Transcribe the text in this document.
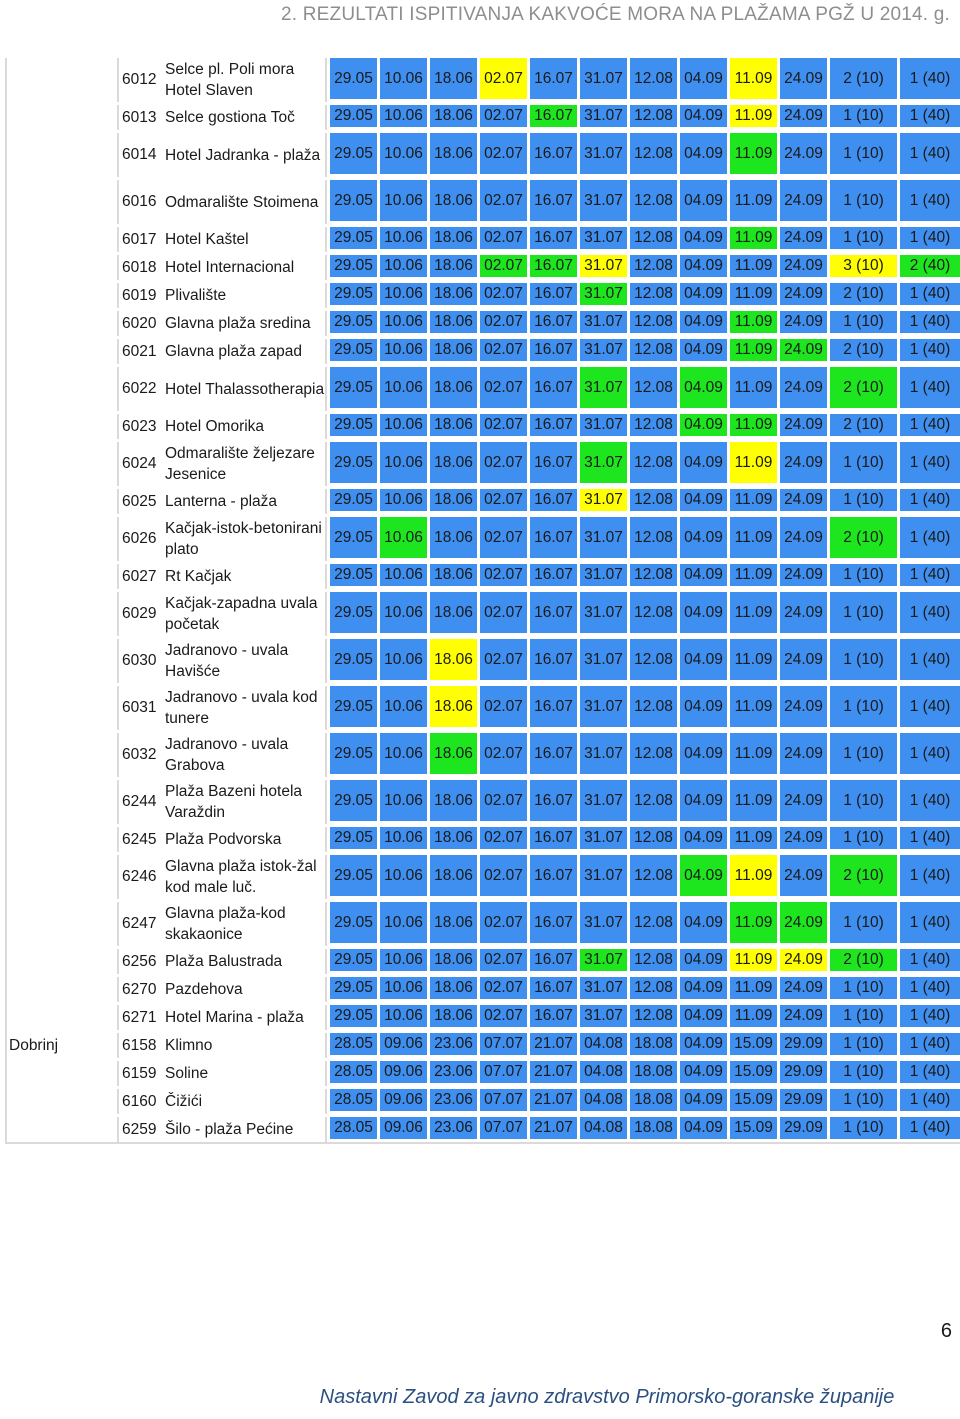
2. REZULTATI ISPITIVANJA KAKVOĆE MORA NA PLAŽAMA PGŽ U 2014. g.
	6012	Selce pl. Poli mora Hotel Slaven	29.05	10.06	18.06	02.07	16.07	31.07	12.08	04.09	11.09	24.09	2 (10)	1 (40)

	6013	Selce gostiona Toč	29.05	10.06	18.06	02.07	16.07	31.07	12.08	04.09	11.09	24.09	1 (10)	1 (40)

	6014	Hotel Jadranka - plaža	29.05	10.06	18.06	02.07	16.07	31.07	12.08	04.09	11.09	24.09	1 (10)	1 (40)

	6016	Odmaralište Stoimena	29.05	10.06	18.06	02.07	16.07	31.07	12.08	04.09	11.09	24.09	1 (10)	1 (40)

	6017	Hotel Kaštel	29.05	10.06	18.06	02.07	16.07	31.07	12.08	04.09	11.09	24.09	1 (10)	1 (40)

	6018	Hotel Internacional	29.05	10.06	18.06	02.07	16.07	31.07	12.08	04.09	11.09	24.09	3 (10)	2 (40)

	6019	Plivalište	29.05	10.06	18.06	02.07	16.07	31.07	12.08	04.09	11.09	24.09	2 (10)	1 (40)

	6020	Glavna plaža sredina	29.05	10.06	18.06	02.07	16.07	31.07	12.08	04.09	11.09	24.09	1 (10)	1 (40)

	6021	Glavna plaža zapad	29.05	10.06	18.06	02.07	16.07	31.07	12.08	04.09	11.09	24.09	2 (10)	1 (40)

	6022	Hotel Thalassotherapia	29.05	10.06	18.06	02.07	16.07	31.07	12.08	04.09	11.09	24.09	2 (10)	1 (40)

	6023	Hotel Omorika	29.05	10.06	18.06	02.07	16.07	31.07	12.08	04.09	11.09	24.09	2 (10)	1 (40)

	6024	Odmaralište željezare Jesenice	29.05	10.06	18.06	02.07	16.07	31.07	12.08	04.09	11.09	24.09	1 (10)	1 (40)

	6025	Lanterna - plaža	29.05	10.06	18.06	02.07	16.07	31.07	12.08	04.09	11.09	24.09	1 (10)	1 (40)

	6026	Kačjak-istok-betonirani plato	29.05	10.06	18.06	02.07	16.07	31.07	12.08	04.09	11.09	24.09	2 (10)	1 (40)

	6027	Rt Kačjak	29.05	10.06	18.06	02.07	16.07	31.07	12.08	04.09	11.09	24.09	1 (10)	1 (40)

	6029	Kačjak-zapadna uvala početak	29.05	10.06	18.06	02.07	16.07	31.07	12.08	04.09	11.09	24.09	1 (10)	1 (40)

	6030	Jadranovo - uvala Havišće	29.05	10.06	18.06	02.07	16.07	31.07	12.08	04.09	11.09	24.09	1 (10)	1 (40)

	6031	Jadranovo - uvala kod tunere	29.05	10.06	18.06	02.07	16.07	31.07	12.08	04.09	11.09	24.09	1 (10)	1 (40)

	6032	Jadranovo - uvala Grabova	29.05	10.06	18.06	02.07	16.07	31.07	12.08	04.09	11.09	24.09	1 (10)	1 (40)

	6244	Plaža Bazeni hotela Varaždin	29.05	10.06	18.06	02.07	16.07	31.07	12.08	04.09	11.09	24.09	1 (10)	1 (40)

	6245	Plaža Podvorska	29.05	10.06	18.06	02.07	16.07	31.07	12.08	04.09	11.09	24.09	1 (10)	1 (40)

	6246	Glavna plaža istok-žal kod male luč.	29.05	10.06	18.06	02.07	16.07	31.07	12.08	04.09	11.09	24.09	2 (10)	1 (40)

	6247	Glavna plaža-kod skakaonice	29.05	10.06	18.06	02.07	16.07	31.07	12.08	04.09	11.09	24.09	1 (10)	1 (40)

	6256	Plaža Balustrada	29.05	10.06	18.06	02.07	16.07	31.07	12.08	04.09	11.09	24.09	2 (10)	1 (40)

	6270	Pazdehova	29.05	10.06	18.06	02.07	16.07	31.07	12.08	04.09	11.09	24.09	1 (10)	1 (40)

	6271	Hotel Marina - plaža	29.05	10.06	18.06	02.07	16.07	31.07	12.08	04.09	11.09	24.09	1 (10)	1 (40)

Dobrinj	6158	Klimno	28.05	09.06	23.06	07.07	21.07	04.08	18.08	04.09	15.09	29.09	1 (10)	1 (40)

	6159	Soline	28.05	09.06	23.06	07.07	21.07	04.08	18.08	04.09	15.09	29.09	1 (10)	1 (40)

	6160	Čižići	28.05	09.06	23.06	07.07	21.07	04.08	18.08	04.09	15.09	29.09	1 (10)	1 (40)

	6259	Šilo - plaža Pećine	28.05	09.06	23.06	07.07	21.07	04.08	18.08	04.09	15.09	29.09	1 (10)	1 (40)
6
Nastavni Zavod za javno zdravstvo Primorsko-goranske županije
